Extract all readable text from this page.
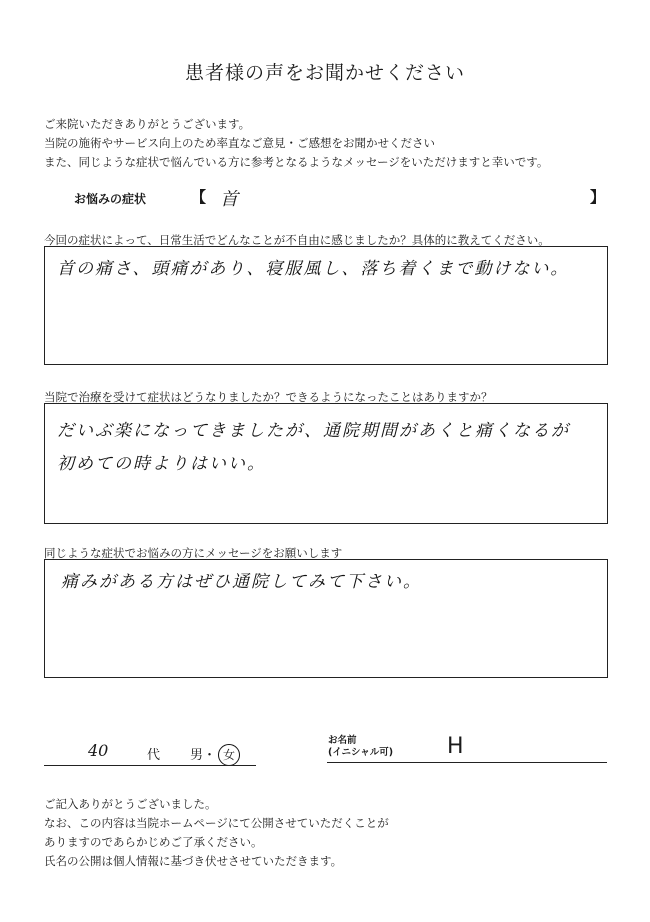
患者様の声をお聞かせください
ご来院いただきありがとうございます。
当院の施術やサービス向上のため率直なご意見・ご感想をお聞かせください
また、同じような症状で悩んでいる方に参考となるようなメッセージをいただけますと幸いです。
お悩みの症状	【 首	】
今回の症状によって、日常生活でどんなことが不自由に感じましたか？具体的に教えてください。
首の痛さ、頭痛があり、寝服風し、落ち着くまで動けない。
当院で治療を受けて症状はどうなりましたか？できるようになったことはありますか？
だいぶ楽になってきましたが、通院期間があくと痛くなるが
初めての時よりはいい。
同じような症状でお悩みの方にメッセージをお願いします
痛みがある方はぜひ通院してみて下さい。
40	代 男・ 女
お名前
(イニシャル可) H
ご記入ありがとうございました。
なお、この内容は当院ホームページにて公開させていただくことが
ありますのであらかじめご了承ください。
氏名の公開は個人情報に基づき伏せさせていただきます。
